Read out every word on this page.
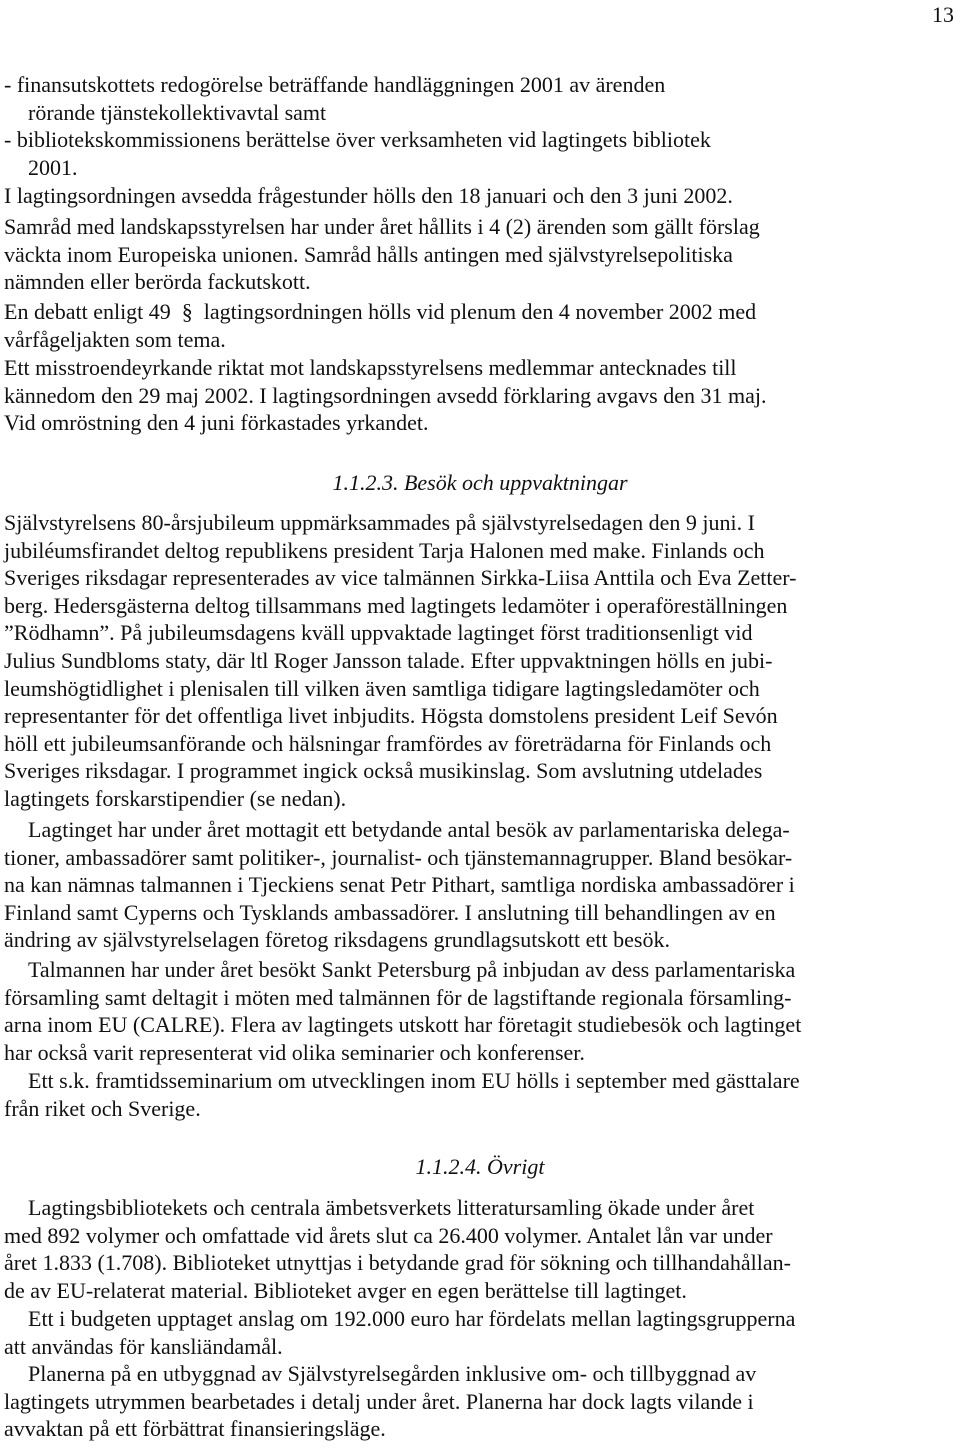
13
- finansutskottets redogörelse beträffande handläggningen 2001 av ärenden
rörande tjänstekollektivavtal samt
- bibliotekskommissionens berättelse över verksamheten vid lagtingets bibliotek
2001.
I lagtingsordningen avsedda frågestunder hölls den 18 januari och den 3 juni 2002.
Samråd med landskapsstyrelsen har under året hållits i 4 (2) ärenden som gällt förslag
väckta inom Europeiska unionen. Samråd hålls antingen med självstyrelsepolitiska
nämnden eller berörda fackutskott.
En debatt enligt 49 § lagtingsordningen hölls vid plenum den 4 november 2002 med
vårfågeljakten som tema.
Ett misstroendeyrkande riktat mot landskapsstyrelsens medlemmar antecknades till
kännedom den 29 maj 2002. I lagtingsordningen avsedd förklaring avgavs den 31 maj.
Vid omröstning den 4 juni förkastades yrkandet.
1.1.2.3. Besök och uppvaktningar
Självstyrelsens 80-årsjubileum uppmärksammades på självstyrelsedagen den 9 juni. I
jubiléumsfirandet deltog republikens president Tarja Halonen med make. Finlands och
Sveriges riksdagar representerades av vice talmännen Sirkka-Liisa Anttila och Eva Zetter-
berg. Hedersgästerna deltog tillsammans med lagtingets ledamöter i operaföreställningen
”Rödhamn”. På jubileumsdagens kväll uppvaktade lagtinget först traditionsenligt vid
Julius Sundbloms staty, där ltl Roger Jansson talade. Efter uppvaktningen hölls en jubi-
leumshögtidlighet i plenisalen till vilken även samtliga tidigare lagtingsledamöter och
representanter för det offentliga livet inbjudits. Högsta domstolens president Leif Sevón
höll ett jubileumsanförande och hälsningar framfördes av företrädarna för Finlands och
Sveriges riksdagar. I programmet ingick också musikinslag. Som avslutning utdelades
lagtingets forskarstipendier (se nedan).
Lagtinget har under året mottagit ett betydande antal besök av parlamentariska delega-
tioner, ambassadörer samt politiker-, journalist- och tjänstemannagrupper. Bland besökar-
na kan nämnas talmannen i Tjeckiens senat Petr Pithart, samtliga nordiska ambassadörer i
Finland samt Cyperns och Tysklands ambassadörer. I anslutning till behandlingen av en
ändring av självstyrelselagen företog riksdagens grundlagsutskott ett besök.
Talmannen har under året besökt Sankt Petersburg på inbjudan av dess parlamentariska
församling samt deltagit i möten med talmännen för de lagstiftande regionala församling-
arna inom EU (CALRE). Flera av lagtingets utskott har företagit studiebesök och lagtinget
har också varit representerat vid olika seminarier och konferenser.
Ett s.k. framtidsseminarium om utvecklingen inom EU hölls i september med gästtalare
från riket och Sverige.
1.1.2.4. Övrigt
Lagtingsbibliotekets och centrala ämbetsverkets litteratursamling ökade under året
med 892 volymer och omfattade vid årets slut ca 26.400 volymer. Antalet lån var under
året 1.833 (1.708). Biblioteket utnyttjas i betydande grad för sökning och tillhandahållan-
de av EU-relaterat material. Biblioteket avger en egen berättelse till lagtinget.
Ett i budgeten upptaget anslag om 192.000 euro har fördelats mellan lagtingsgrupperna
att användas för kansliändamål.
Planerna på en utbyggnad av Självstyrelsegården inklusive om- och tillbyggnad av
lagtingets utrymmen bearbetades i detalj under året. Planerna har dock lagts vilande i
avvaktan på ett förbättrat finansieringsläge.
